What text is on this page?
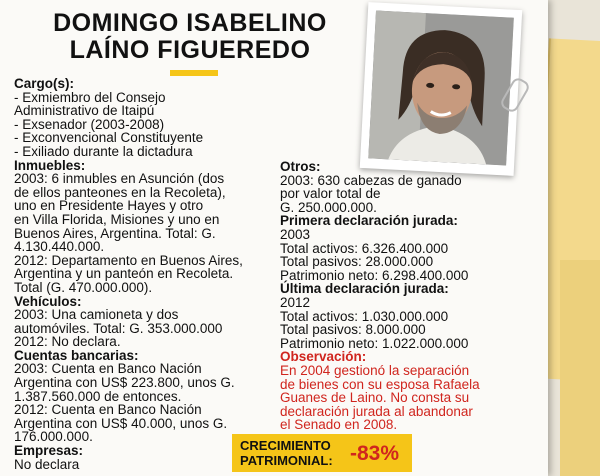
DOMINGO ISABELINO
LAÍNO FIGUEREDO
Cargo(s):
- Exmiembro del Consejo
Administrativo de Itaipú
- Exsenador (2003-2008)
- Exconvencional Constituyente
- Exiliado durante la dictadura
Inmuebles:
2003: 6 inmubles en Asunción (dos
de ellos panteones en la Recoleta),
uno en Presidente Hayes y otro
en Villa Florida, Misiones y uno en
Buenos Aires, Argentina. Total: G.
4.130.440.000.
2012: Departamento en Buenos Aires,
Argentina y un panteón en Recoleta.
Total (G. 470.000.000).
Vehículos:
2003: Una camioneta y dos
automóviles. Total: G. 353.000.000
2012: No declara.
Cuentas bancarias:
2003: Cuenta en Banco Nación
Argentina con US$ 223.800, unos G.
1.387.560.000 de entonces.
2012: Cuenta en Banco Nación
Argentina con US$ 40.000, unos G.
176.000.000.
Empresas:
No declara
Otros:
2003: 630 cabezas de ganado
por valor total de
G. 250.000.000.
Primera declaración jurada:
2003
Total activos: 6.326.400.000
Total pasivos: 28.000.000
Patrimonio neto: 6.298.400.000
Última declaración jurada:
2012
Total activos: 1.030.000.000
Total pasivos: 8.000.000
Patrimonio neto: 1.022.000.000
Observación:
En 2004 gestionó la separación
de bienes con su esposa Rafaela
Guanes de Laino. No consta su
declaración jurada al abandonar
el Senado en 2008.
CRECIMIENTO
PATRIMONIAL: -83%
